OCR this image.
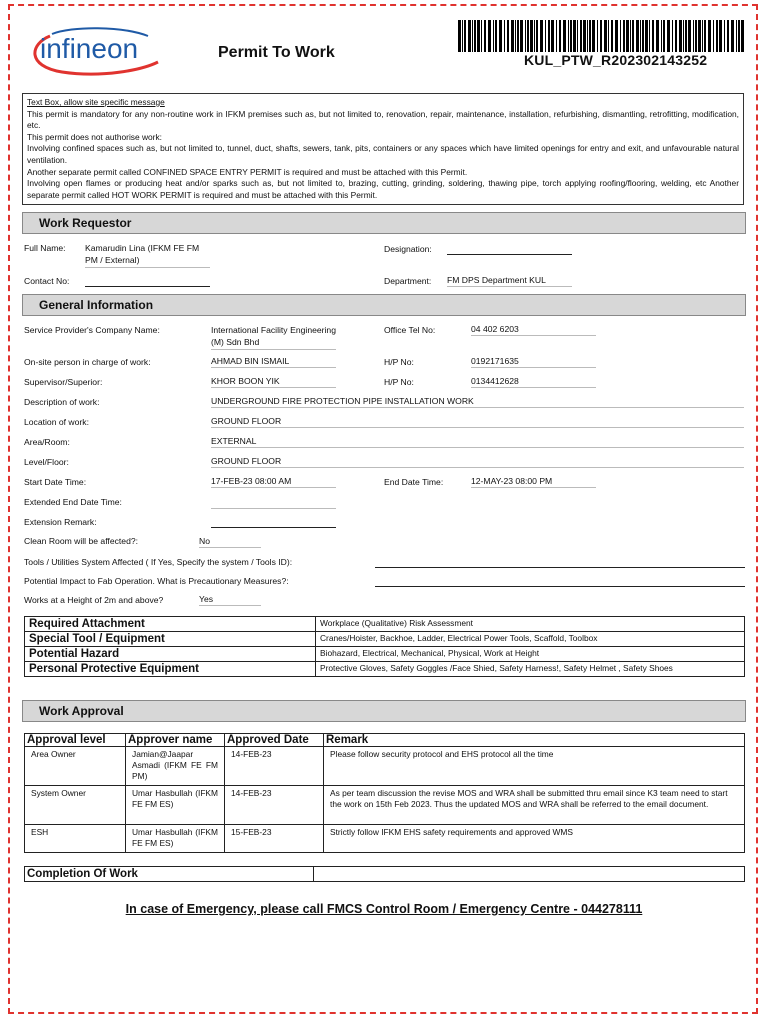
infineon	Permit To Work	KUL_PTW_R202302143252
Text Box, allow site specific message
This permit is mandatory for any non-routine work in IFKM premises such as, but not limited to, renovation, repair, maintenance, installation, refurbishing, dismantling, retrofitting, modification, etc.
This permit does not authorise work:
Involving confined spaces such as, but not limited to, tunnel, duct, shafts, sewers, tank, pits, containers or any spaces which have limited openings for entry and exit, and unfavourable natural ventilation.
Another separate permit called CONFINED SPACE ENTRY PERMIT is required and must be attached with this Permit.
Involving open flames or producing heat and/or sparks such as, but not limited to, brazing, cutting, grinding, soldering, thawing pipe, torch applying roofing/flooring, welding, etc Another separate permit called HOT WORK PERMIT is required and must be attached with this Permit.
Work Requestor
Full Name: Kamarudin Lina (IFKM FE FM PM / External)
Designation:
Contact No:	Department: FM DPS Department KUL
General Information
Service Provider's Company Name:	International Facility Engineering (M) Sdn Bhd
Office Tel No:	04 402 6203
On-site person in charge of work:	AHMAD BIN ISMAIL	H/P No:	0192171635
Supervisor/Superior:	KHOR BOON YIK	H/P No:	0134412628
Description of work:	UNDERGROUND FIRE PROTECTION PIPE INSTALLATION WORK
Location of work:	GROUND FLOOR
Area/Room:	EXTERNAL
Level/Floor:	GROUND FLOOR
Start Date Time:	17-FEB-23 08:00 AM	End Date Time:	12-MAY-23 08:00 PM
Extended End Date Time:
Extension Remark:
Clean Room will be affected?:	No
Tools / Utilities System Affected ( If Yes, Specify the system / Tools ID):
Potential Impact to Fab Operation. What is Precautionary Measures?:
Works at a Height of 2m and above?	Yes
Required Attachment	Workplace (Qualitative) Risk Assessment
Special Tool / Equipment	Cranes/Hoister, Backhoe, Ladder, Electrical Power Tools, Scaffold, Toolbox
Potential Hazard	Biohazard, Electrical, Mechanical, Physical, Work at Height
Personal Protective Equipment	Protective Gloves, Safety Goggles /Face Shied, Safety Harness!, Safety Helmet , Safety Shoes
Work Approval
Approval level	Approver name	Approved Date	Remark
Area Owner	Jamian@Jaapar Asmadi (IFKM FE FM PM)	14-FEB-23	Please follow security protocol and EHS protocol all the time
System Owner	Umar Hasbullah (IFKM FE FM ES)	14-FEB-23	As per team discussion the revise MOS and WRA shall be submitted thru email since K3 team need to start the work on 15th Feb 2023. Thus the updated MOS and WRA shall be referred to the email document.
ESH	Umar Hasbullah (IFKM FE FM ES)	15-FEB-23	Strictly follow IFKM EHS safety requirements and approved WMS
Completion Of Work	
In case of Emergency, please call FMCS Control Room / Emergency Centre - 044278111
